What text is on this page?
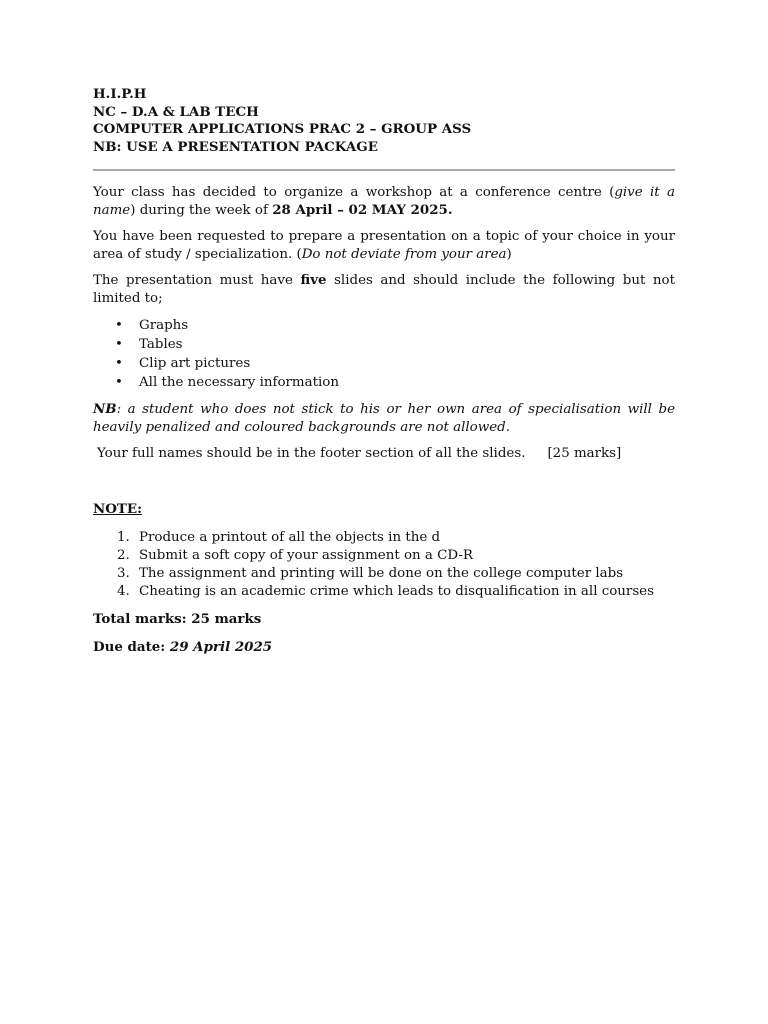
H.I.P.H

NC – D.A & LAB TECH

COMPUTER APPLICATIONS PRAC 2 – GROUP ASS

NB: USE A PRESENTATION PACKAGE

Your class has decided to organize a workshop at a conference centre (give it a name) during the week of 28 April – 02 MAY 2025.

You have been requested to prepare a presentation on a topic of your choice in your area of study / specialization. (Do not deviate from your area)

The presentation must have five slides and should include the following but not limited to;

• Graphs
• Tables
• Clip art pictures
• All the necessary information

NB: a student who does not stick to his or her own area of specialisation will be heavily penalized and coloured backgrounds are not allowed.

Your full names should be in the footer section of all the slides. [25 marks]

NOTE:

1. Produce a printout of all the objects in the d
2. Submit a soft copy of your assignment on a CD-R
3. The assignment and printing will be done on the college computer labs
4. Cheating is an academic crime which leads to disqualification in all courses

Total marks: 25 marks

Due date: 29 April 2025
